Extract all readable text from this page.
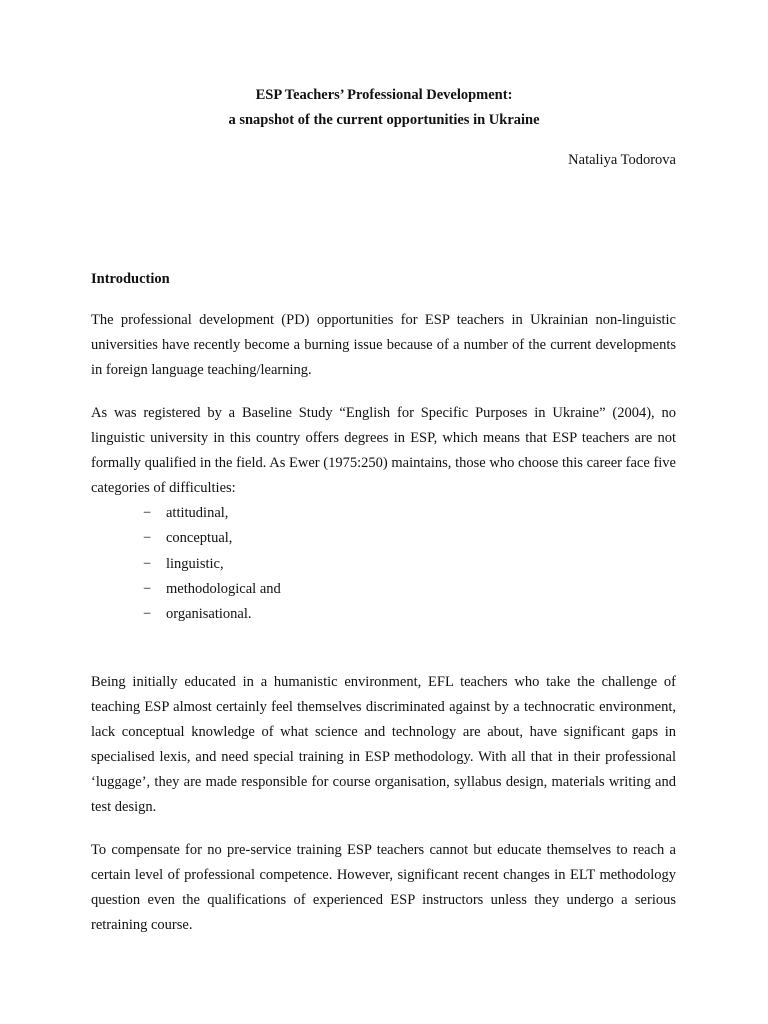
ESP Teachers’ Professional Development:
a snapshot of the current opportunities in Ukraine
Nataliya Todorova
Introduction

The professional development (PD) opportunities for ESP teachers in Ukrainian non-linguistic universities have recently become a burning issue because of a number of the current developments in foreign language teaching/learning.

As was registered by a Baseline Study “English for Specific Purposes in Ukraine” (2004), no linguistic university in this country offers degrees in ESP, which means that ESP teachers are not formally qualified in the field. As Ewer (1975:250) maintains, those who choose this career face five categories of difficulties:

− attitudinal,
− conceptual,
− linguistic,
− methodological and
− organisational.

Being initially educated in a humanistic environment, EFL teachers who take the challenge of teaching ESP almost certainly feel themselves discriminated against by a technocratic environment, lack conceptual knowledge of what science and technology are about, have significant gaps in specialised lexis, and need special training in ESP methodology. With all that in their professional ‘luggage’, they are made responsible for course organisation, syllabus design, materials writing and test design.

To compensate for no pre-service training ESP teachers cannot but educate themselves to reach a certain level of professional competence. However, significant recent changes in ELT methodology question even the qualifications of experienced ESP instructors unless they undergo a serious retraining course.
